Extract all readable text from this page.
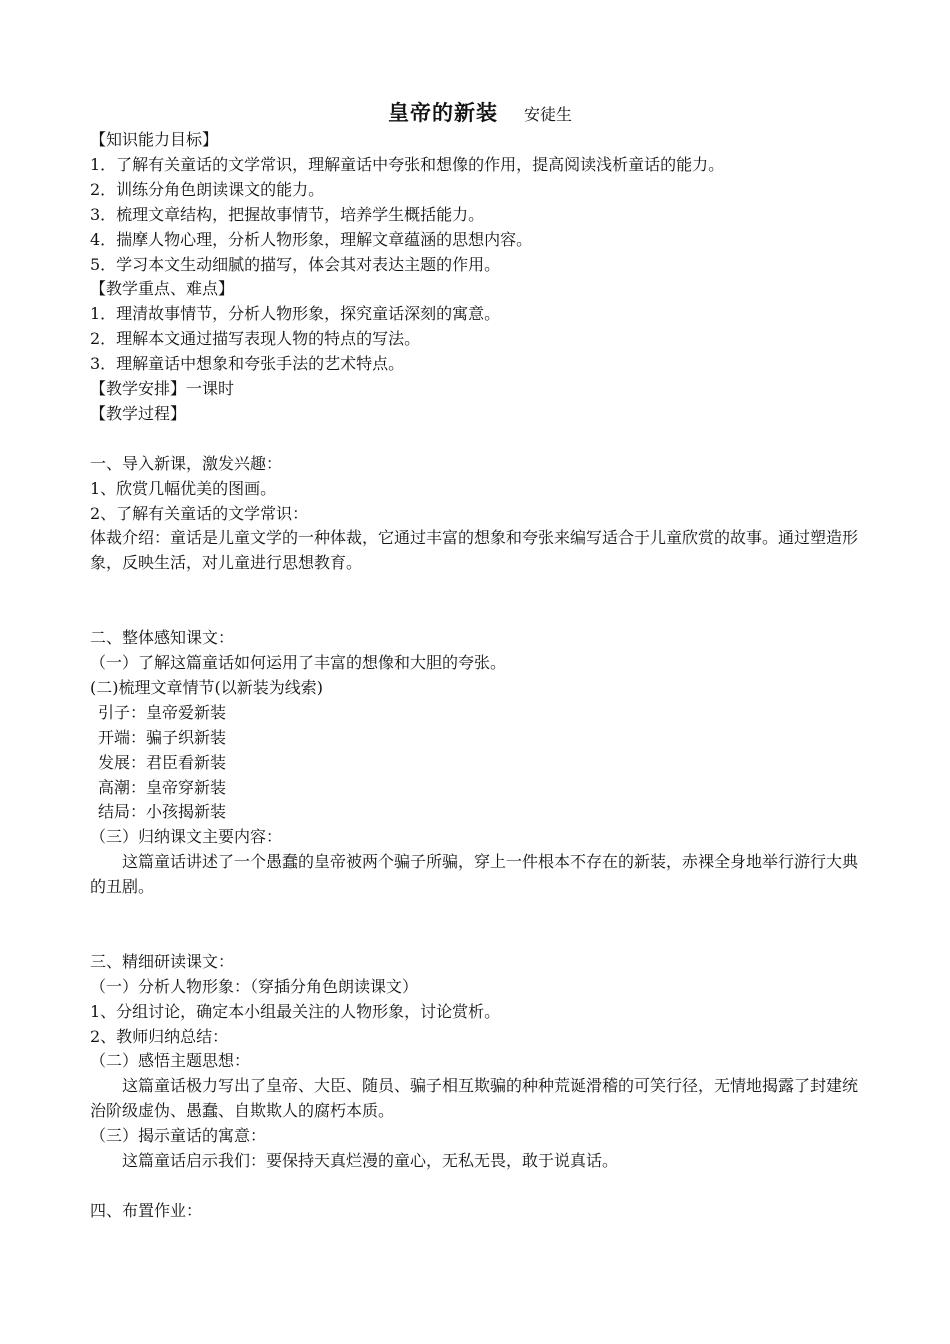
皇帝的新装 安徒生
【知识能力目标】
1．了解有关童话的文学常识，理解童话中夸张和想像的作用，提高阅读浅析童话的能力。
2．训练分角色朗读课文的能力。
3．梳理文章结构，把握故事情节，培养学生概括能力。
4．揣摩人物心理，分析人物形象，理解文章蕴涵的思想内容。
5．学习本文生动细腻的描写，体会其对表达主题的作用。
【教学重点、难点】
1．理清故事情节，分析人物形象，探究童话深刻的寓意。
2．理解本文通过描写表现人物的特点的写法。
3．理解童话中想象和夸张手法的艺术特点。
【教学安排】一课时
【教学过程】
一、导入新课，激发兴趣：
1、欣赏几幅优美的图画。
2、了解有关童话的文学常识：
体裁介绍：童话是儿童文学的一种体裁，它通过丰富的想象和夸张来编写适合于儿童欣赏的故事。通过塑造形象，反映生活，对儿童进行思想教育。
二、整体感知课文：
（一）了解这篇童话如何运用了丰富的想像和大胆的夸张。
(二)梳理文章情节(以新装为线索)
引子：皇帝爱新装
开端：骗子织新装
发展：君臣看新装
高潮：皇帝穿新装
结局：小孩揭新装
（三）归纳课文主要内容：
这篇童话讲述了一个愚蠢的皇帝被两个骗子所骗，穿上一件根本不存在的新装，赤裸全身地举行游行大典的丑剧。
三、精细研读课文：
（一）分析人物形象：（穿插分角色朗读课文）
1、分组讨论，确定本小组最关注的人物形象，讨论赏析。
2、教师归纳总结：
（二）感悟主题思想：
这篇童话极力写出了皇帝、大臣、随员、骗子相互欺骗的种种荒诞滑稽的可笑行径，无情地揭露了封建统治阶级虚伪、愚蠢、自欺欺人的腐朽本质。
（三）揭示童话的寓意：
这篇童话启示我们：要保持天真烂漫的童心，无私无畏，敢于说真话。
四、布置作业：
